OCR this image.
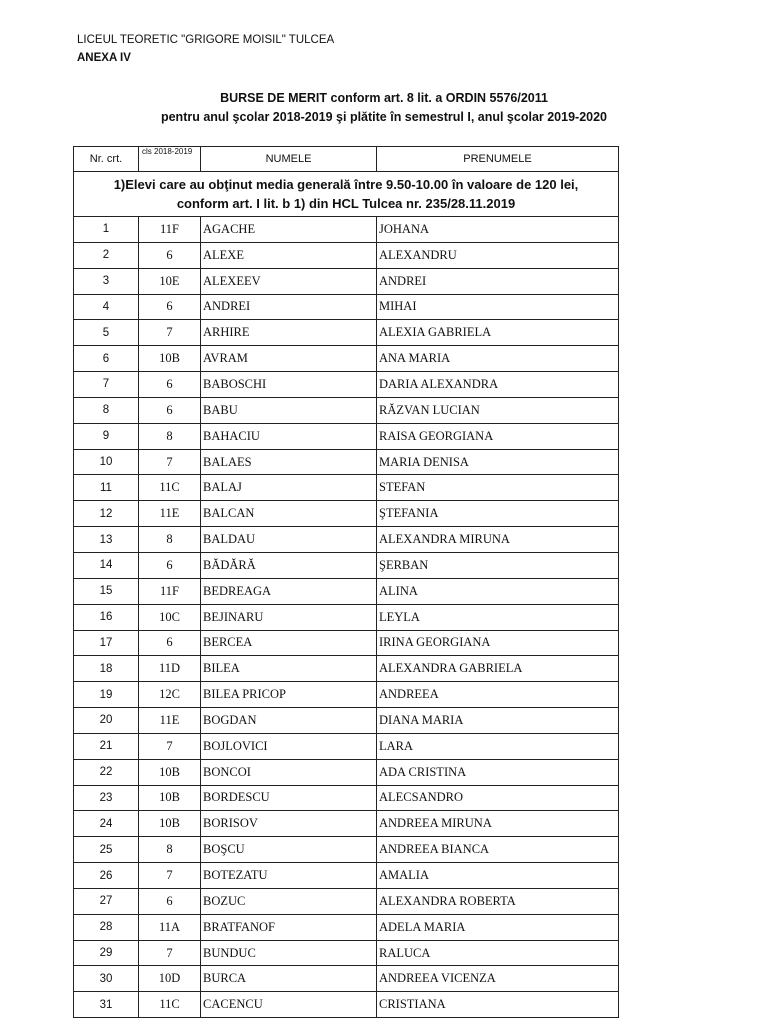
LICEUL TEORETIC "GRIGORE MOISIL" TULCEA
ANEXA IV
BURSE DE MERIT conform art. 8 lit. a ORDIN 5576/2011
pentru anul şcolar 2018-2019 şi plătite în semestrul I, anul şcolar 2019-2020
Nr. crt.	cls 2018-2019	NUMELE	PRENUMELE
1)Elevi care au obţinut media generală între 9.50-10.00 în valoare de 120 lei,
conform art. I lit. b 1) din HCL Tulcea nr. 235/28.11.2019			
1	11F	AGACHE	JOHANA
2	6	ALEXE	ALEXANDRU
3	10E	ALEXEEV	ANDREI
4	6	ANDREI	MIHAI
5	7	ARHIRE	ALEXIA GABRIELA
6	10B	AVRAM	ANA MARIA
7	6	BABOSCHI	DARIA ALEXANDRA
8	6	BABU	RĂZVAN LUCIAN
9	8	BAHACIU	RAISA GEORGIANA
10	7	BALAES	MARIA DENISA
11	11C	BALAJ	STEFAN
12	11E	BALCAN	ŞTEFANIA
13	8	BALDAU	ALEXANDRA MIRUNA
14	6	BĂDĂRĂ	ŞERBAN
15	11F	BEDREAGA	ALINA
16	10C	BEJINARU	LEYLA
17	6	BERCEA	IRINA GEORGIANA
18	11D	BILEA	ALEXANDRA GABRIELA
19	12C	BILEA PRICOP	ANDREEA
20	11E	BOGDAN	DIANA MARIA
21	7	BOJLOVICI	LARA
22	10B	BONCOI	ADA CRISTINA
23	10B	BORDESCU	ALECSANDRO
24	10B	BORISOV	ANDREEA MIRUNA
25	8	BOŞCU	ANDREEA BIANCA
26	7	BOTEZATU	AMALIA
27	6	BOZUC	ALEXANDRA ROBERTA
28	11A	BRATFANOF	ADELA MARIA
29	7	BUNDUC	RALUCA
30	10D	BURCA	ANDREEA VICENZA
31	11C	CACENCU	CRISTIANA
